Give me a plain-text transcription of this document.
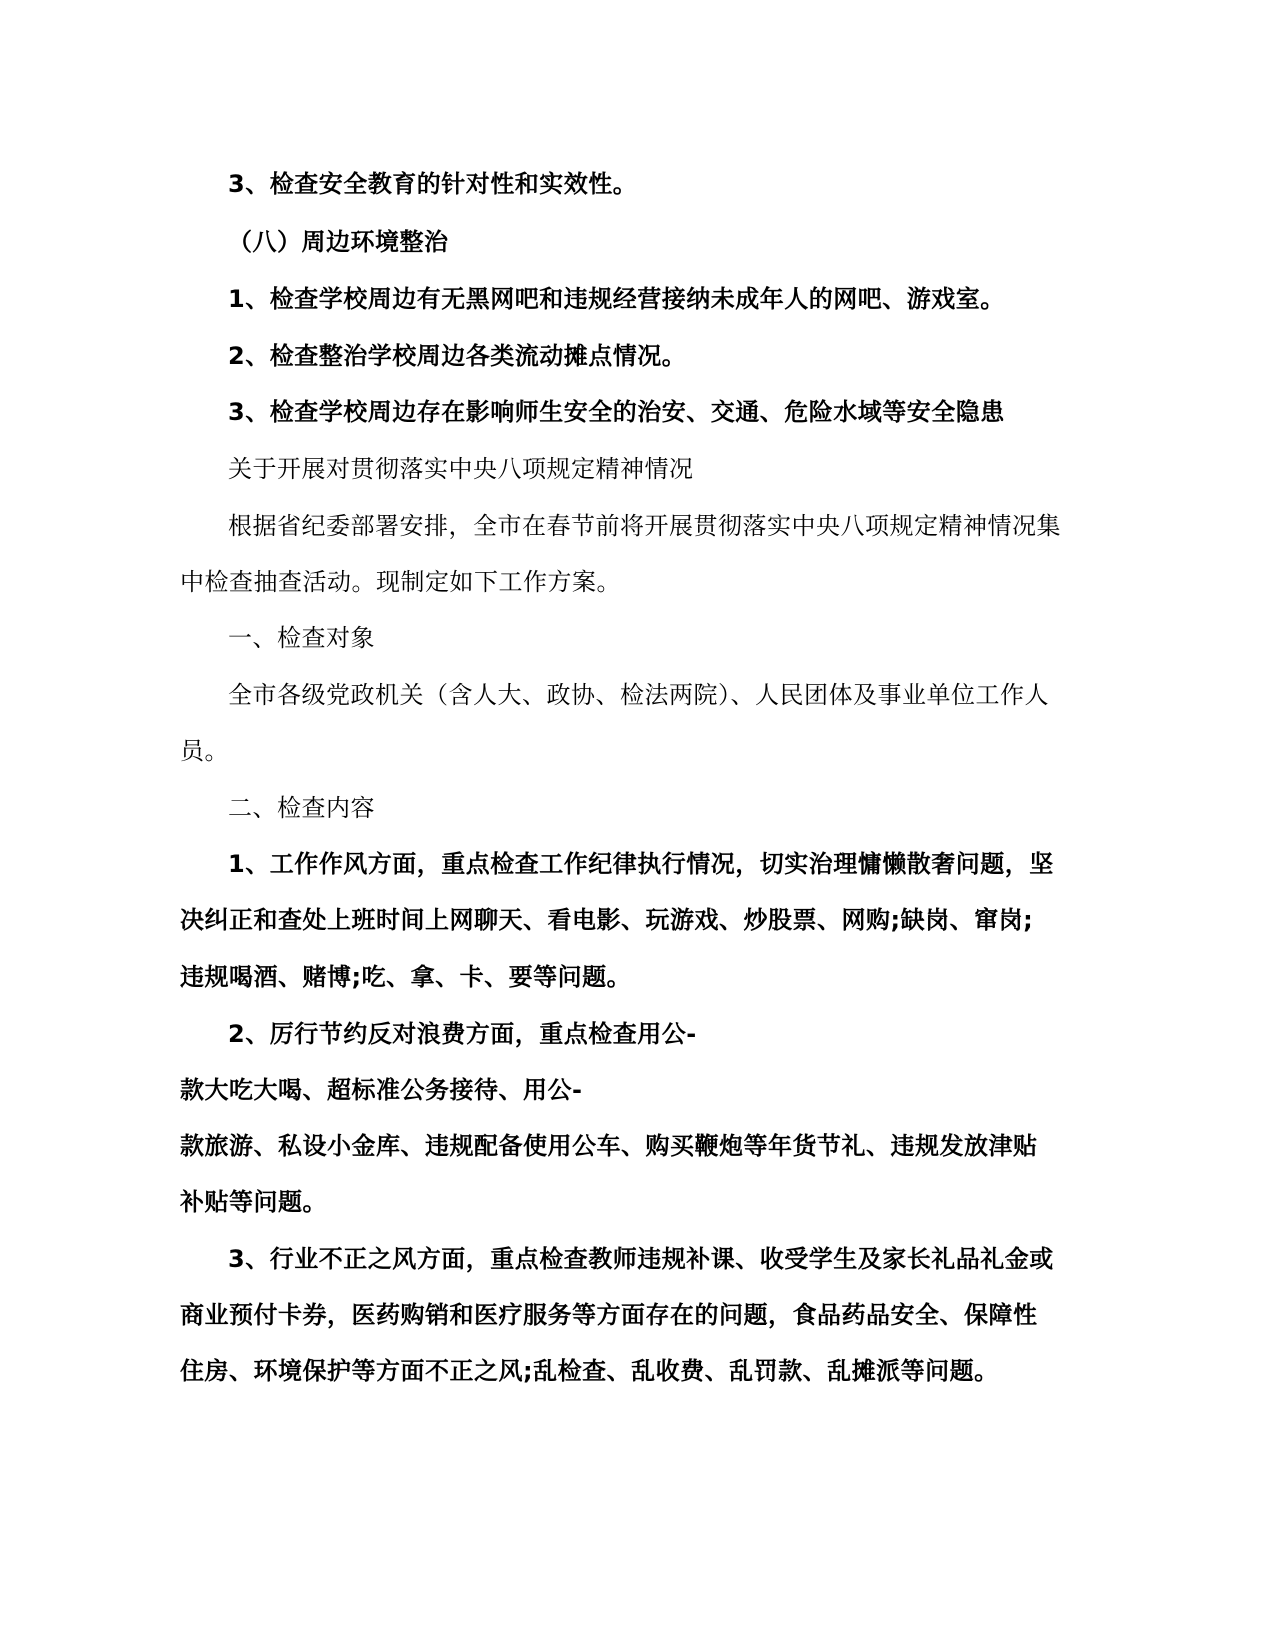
3、检查安全教育的针对性和实效性。
（八）周边环境整治
1、检查学校周边有无黑网吧和违规经营接纳未成年人的网吧、游戏室。
2、检查整治学校周边各类流动摊点情况。
3、检查学校周边存在影响师生安全的治安、交通、危险水域等安全隐患
关于开展对贯彻落实中央八项规定精神情况
根据省纪委部署安排，全市在春节前将开展贯彻落实中央八项规定精神情况集
中检查抽查活动。现制定如下工作方案。
一、检查对象
全市各级党政机关（含人大、政协、检法两院）、人民团体及事业单位工作人
员。
二、检查内容
1、工作作风方面，重点检查工作纪律执行情况，切实治理慵懒散奢问题，坚
决纠正和查处上班时间上网聊天、看电影、玩游戏、炒股票、网购;缺岗、窜岗;
违规喝酒、赌博;吃、拿、卡、要等问题。
2、厉行节约反对浪费方面，重点检查用公-
款大吃大喝、超标准公务接待、用公-
款旅游、私设小金库、违规配备使用公车、购买鞭炮等年货节礼、违规发放津贴
补贴等问题。
3、行业不正之风方面，重点检查教师违规补课、收受学生及家长礼品礼金或
商业预付卡券，医药购销和医疗服务等方面存在的问题，食品药品安全、保障性
住房、环境保护等方面不正之风;乱检查、乱收费、乱罚款、乱摊派等问题。
